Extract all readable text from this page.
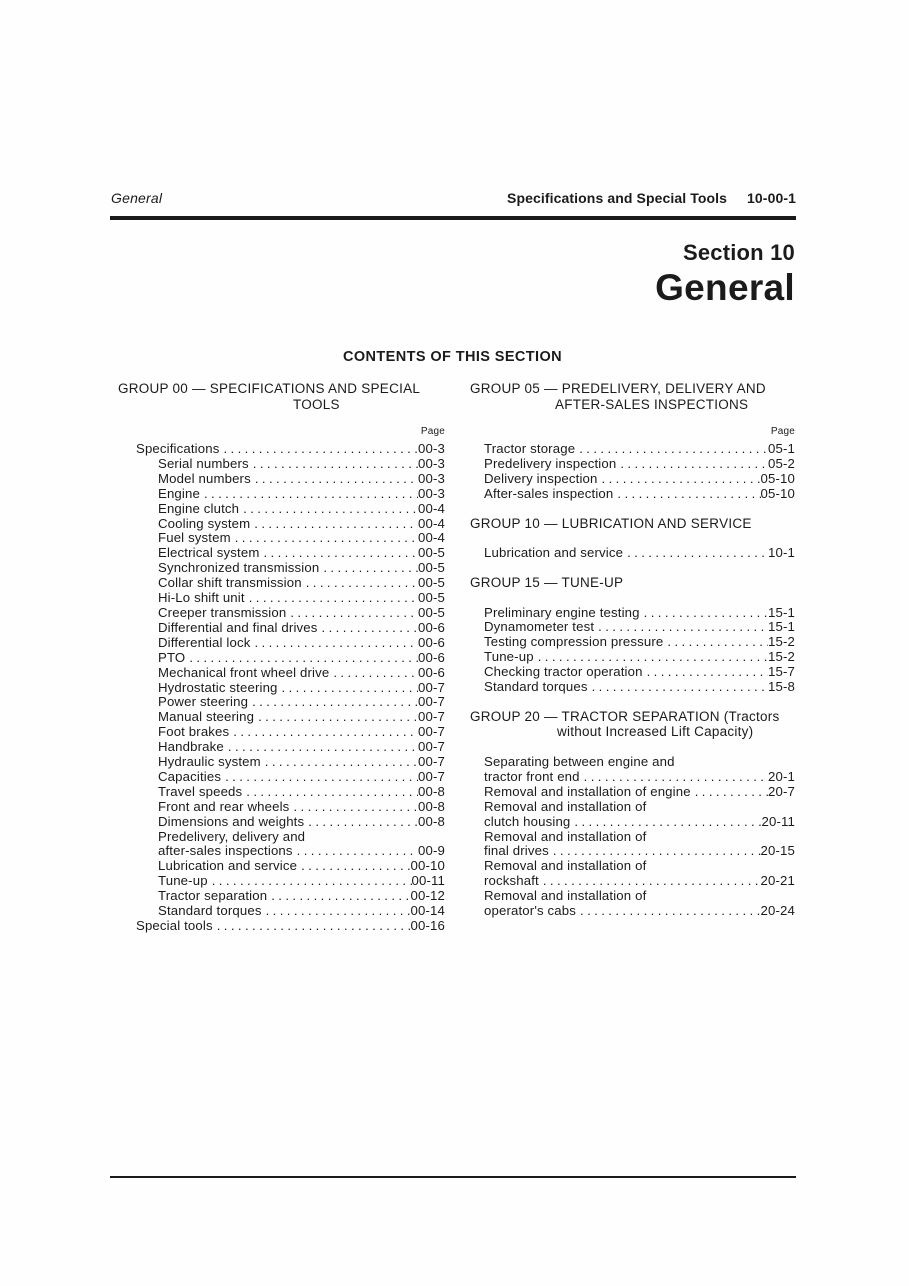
General	Specifications and Special Tools 10-00-1
Section 10
General
CONTENTS OF THIS SECTION
GROUP 00 — SPECIFICATIONS AND SPECIAL
TOOLS
Page
Specifications .....	00-3
Serial numbers .....	00-3
Model numbers .....	00-3
Engine .....	00-3
Engine clutch .....	00-4
Cooling system .....	00-4
Fuel system .....	00-4
Electrical system .....	00-5
Synchronized transmission .....	00-5
Collar shift transmission .....	00-5
Hi-Lo shift unit .....	00-5
Creeper transmission .....	00-5
Differential and final drives .....	00-6
Differential lock .....	00-6
PTO .....	00-6
Mechanical front wheel drive .....	00-6
Hydrostatic steering .....	00-7
Power steering .....	00-7
Manual steering .....	00-7
Foot brakes .....	00-7
Handbrake .....	00-7
Hydraulic system .....	00-7
Capacities .....	00-7
Travel speeds .....	00-8
Front and rear wheels .....	00-8
Dimensions and weights .....	00-8
Predelivery, delivery and
after-sales inspections .....	00-9
Lubrication and service .....	00-10
Tune-up .....	00-11
Tractor separation .....	00-12
Standard torques .....	00-14
Special tools .....	00-16
GROUP 05 — PREDELIVERY, DELIVERY AND
AFTER-SALES INSPECTIONS
Page
Tractor storage .....	05-1
Predelivery inspection .....	05-2
Delivery inspection .....	05-10
After-sales inspection .....	05-10
GROUP 10 — LUBRICATION AND SERVICE
Lubrication and service .....	10-1
GROUP 15 — TUNE-UP
Preliminary engine testing .....	15-1
Dynamometer test .....	15-1
Testing compression pressure .....	15-2
Tune-up .....	15-2
Checking tractor operation .....	15-7
Standard torques .....	15-8
GROUP 20 — TRACTOR SEPARATION (Tractors
without Increased Lift Capacity)
Separating between engine and
tractor front end .....	20-1
Removal and installation of engine .....	20-7
Removal and installation of
clutch housing .....	20-11
Removal and installation of
final drives .....	20-15
Removal and installation of
rockshaft .....	20-21
Removal and installation of
operator's cabs .....	20-24
